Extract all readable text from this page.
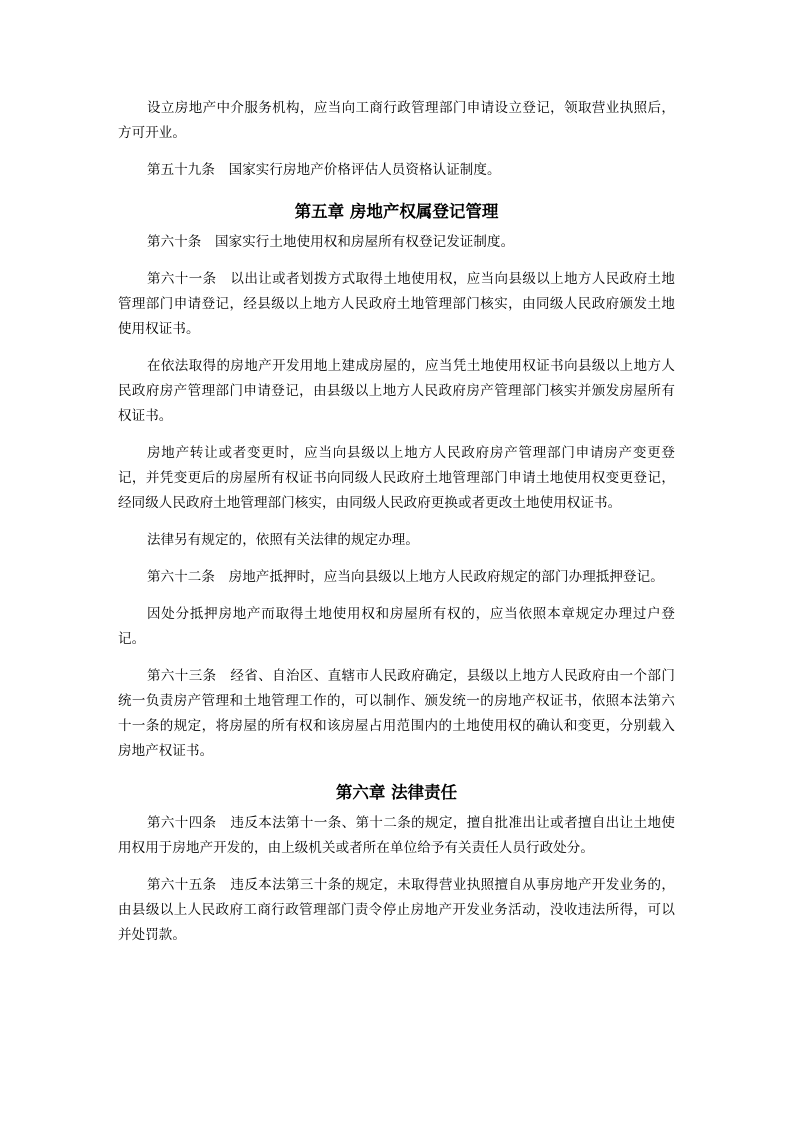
设立房地产中介服务机构，应当向工商行政管理部门申请设立登记，领取营业执照后，方可开业。

第五十九条　国家实行房地产价格评估人员资格认证制度。

第五章 房地产权属登记管理

第六十条　国家实行土地使用权和房屋所有权登记发证制度。

第六十一条　以出让或者划拨方式取得土地使用权，应当向县级以上地方人民政府土地管理部门申请登记，经县级以上地方人民政府土地管理部门核实，由同级人民政府颁发土地使用权证书。

在依法取得的房地产开发用地上建成房屋的，应当凭土地使用权证书向县级以上地方人民政府房产管理部门申请登记，由县级以上地方人民政府房产管理部门核实并颁发房屋所有权证书。

房地产转让或者变更时，应当向县级以上地方人民政府房产管理部门申请房产变更登记，并凭变更后的房屋所有权证书向同级人民政府土地管理部门申请土地使用权变更登记，经同级人民政府土地管理部门核实，由同级人民政府更换或者更改土地使用权证书。

法律另有规定的，依照有关法律的规定办理。

第六十二条　房地产抵押时，应当向县级以上地方人民政府规定的部门办理抵押登记。

因处分抵押房地产而取得土地使用权和房屋所有权的，应当依照本章规定办理过户登记。

第六十三条　经省、自治区、直辖市人民政府确定，县级以上地方人民政府由一个部门统一负责房产管理和土地管理工作的，可以制作、颁发统一的房地产权证书，依照本法第六十一条的规定，将房屋的所有权和该房屋占用范围内的土地使用权的确认和变更，分别载入房地产权证书。

第六章 法律责任

第六十四条　违反本法第十一条、第十二条的规定，擅自批准出让或者擅自出让土地使用权用于房地产开发的，由上级机关或者所在单位给予有关责任人员行政处分。

第六十五条　违反本法第三十条的规定，未取得营业执照擅自从事房地产开发业务的，由县级以上人民政府工商行政管理部门责令停止房地产开发业务活动，没收违法所得，可以并处罚款。
